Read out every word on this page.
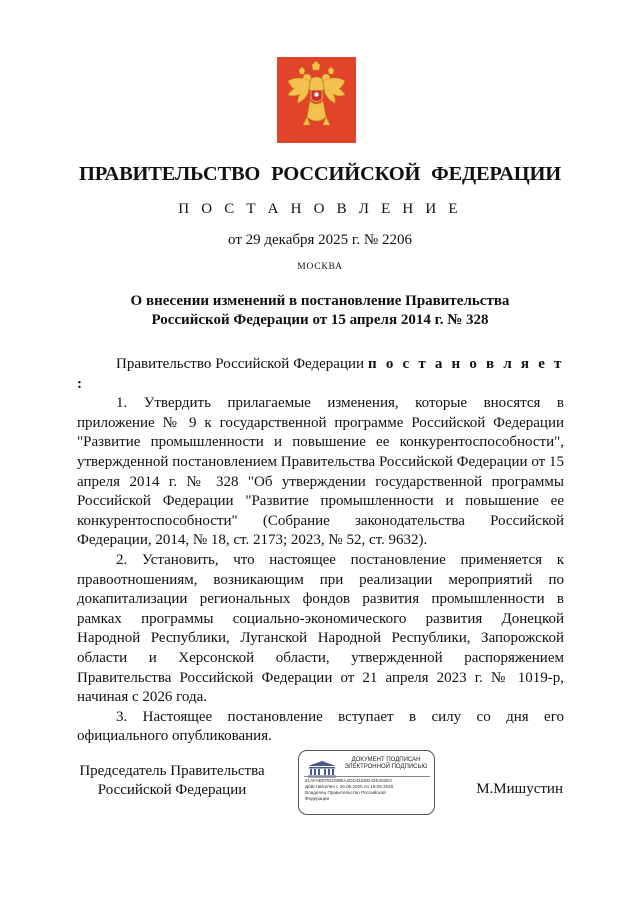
ПРАВИТЕЛЬСТВО РОССИЙСКОЙ ФЕДЕРАЦИИ
П О С Т А Н О В Л Е Н И Е
от 29 декабря 2025 г. № 2206
МОСКВА
О внесении изменений в постановление Правительства
Российской Федерации от 15 апреля 2014 г. № 328

Правительство Российской Федерации п о с т а н о в л я е т :

1. Утвердить прилагаемые изменения, которые вносятся в приложение № 9 к государственной программе Российской Федерации "Развитие промышленности и повышение ее конкурентоспособности", утвержденной постановлением Правительства Российской Федерации от 15 апреля 2014 г. № 328 "Об утверждении государственной программы Российской Федерации "Развитие промышленности и повышение ее конкурентоспособности" (Собрание законодательства Российской Федерации, 2014, № 18, ст. 2173; 2023, № 52, ст. 9632).

2. Установить, что настоящее постановление применяется к правоотношениям, возникающим при реализации мероприятий по докапитализации региональных фондов развития промышленности в рамках программы социально-экономического развития Донецкой Народной Республики, Луганской Народной Республики, Запорожской области и Херсонской области, утвержденной распоряжением Правительства Российской Федерации от 21 апреля 2023 г. № 1019-р, начиная с 2026 года.

3. Настоящее постановление вступает в силу со дня его официального опубликования.

Председатель Правительства
Российской Федерации
ДОКУМЕНТ ПОДПИСАН
ЭЛЕКТРОННОЙ ПОДПИСЬЮ
51AFAB0781D99EA2DD41EED43E303E3
Действителен с 26.06.2025 по 19.09.2026
Владелец Правительство Российской
Федерации
М.Мишустин
